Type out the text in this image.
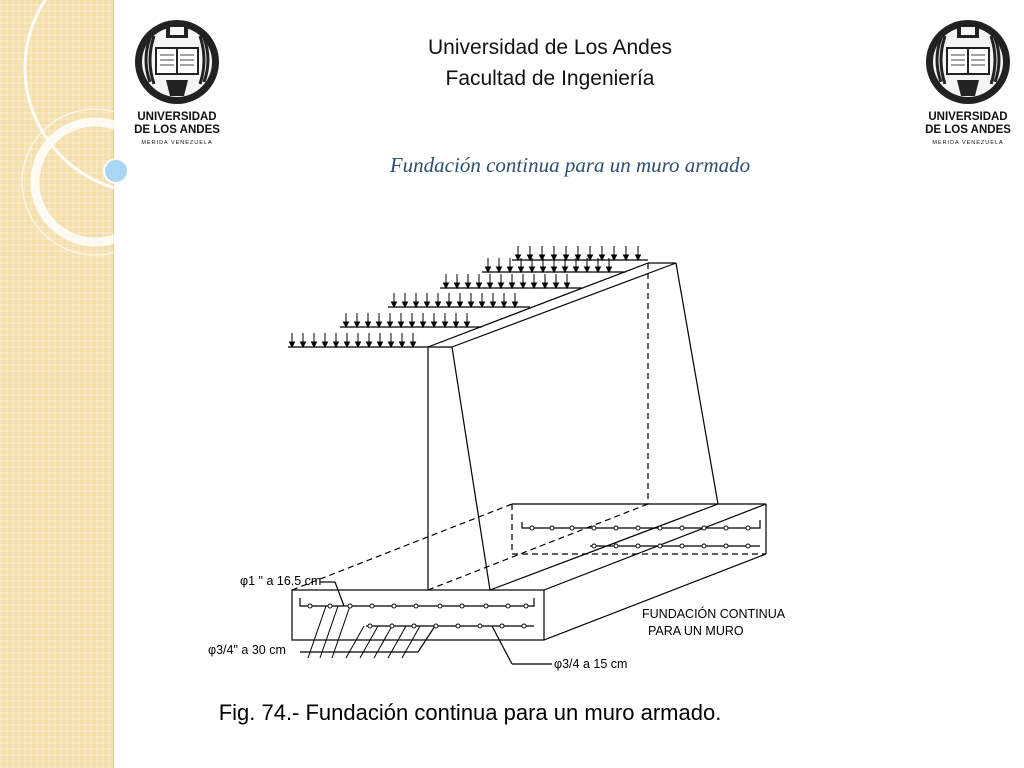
UNIVERSIDAD
DE LOS ANDES
MERIDA VENEZUELA
UNIVERSIDAD
DE LOS ANDES
MERIDA VENEZUELA
Universidad de Los Andes
Facultad de Ingeniería
Fundación continua para un muro armado
φ1 " a 16.5 cm
φ3/4" a 30 cm
φ3/4 a 15 cm
FUNDACIÓN CONTINUA
PARA UN MURO
Fig. 74.- Fundación continua para un muro armado.
